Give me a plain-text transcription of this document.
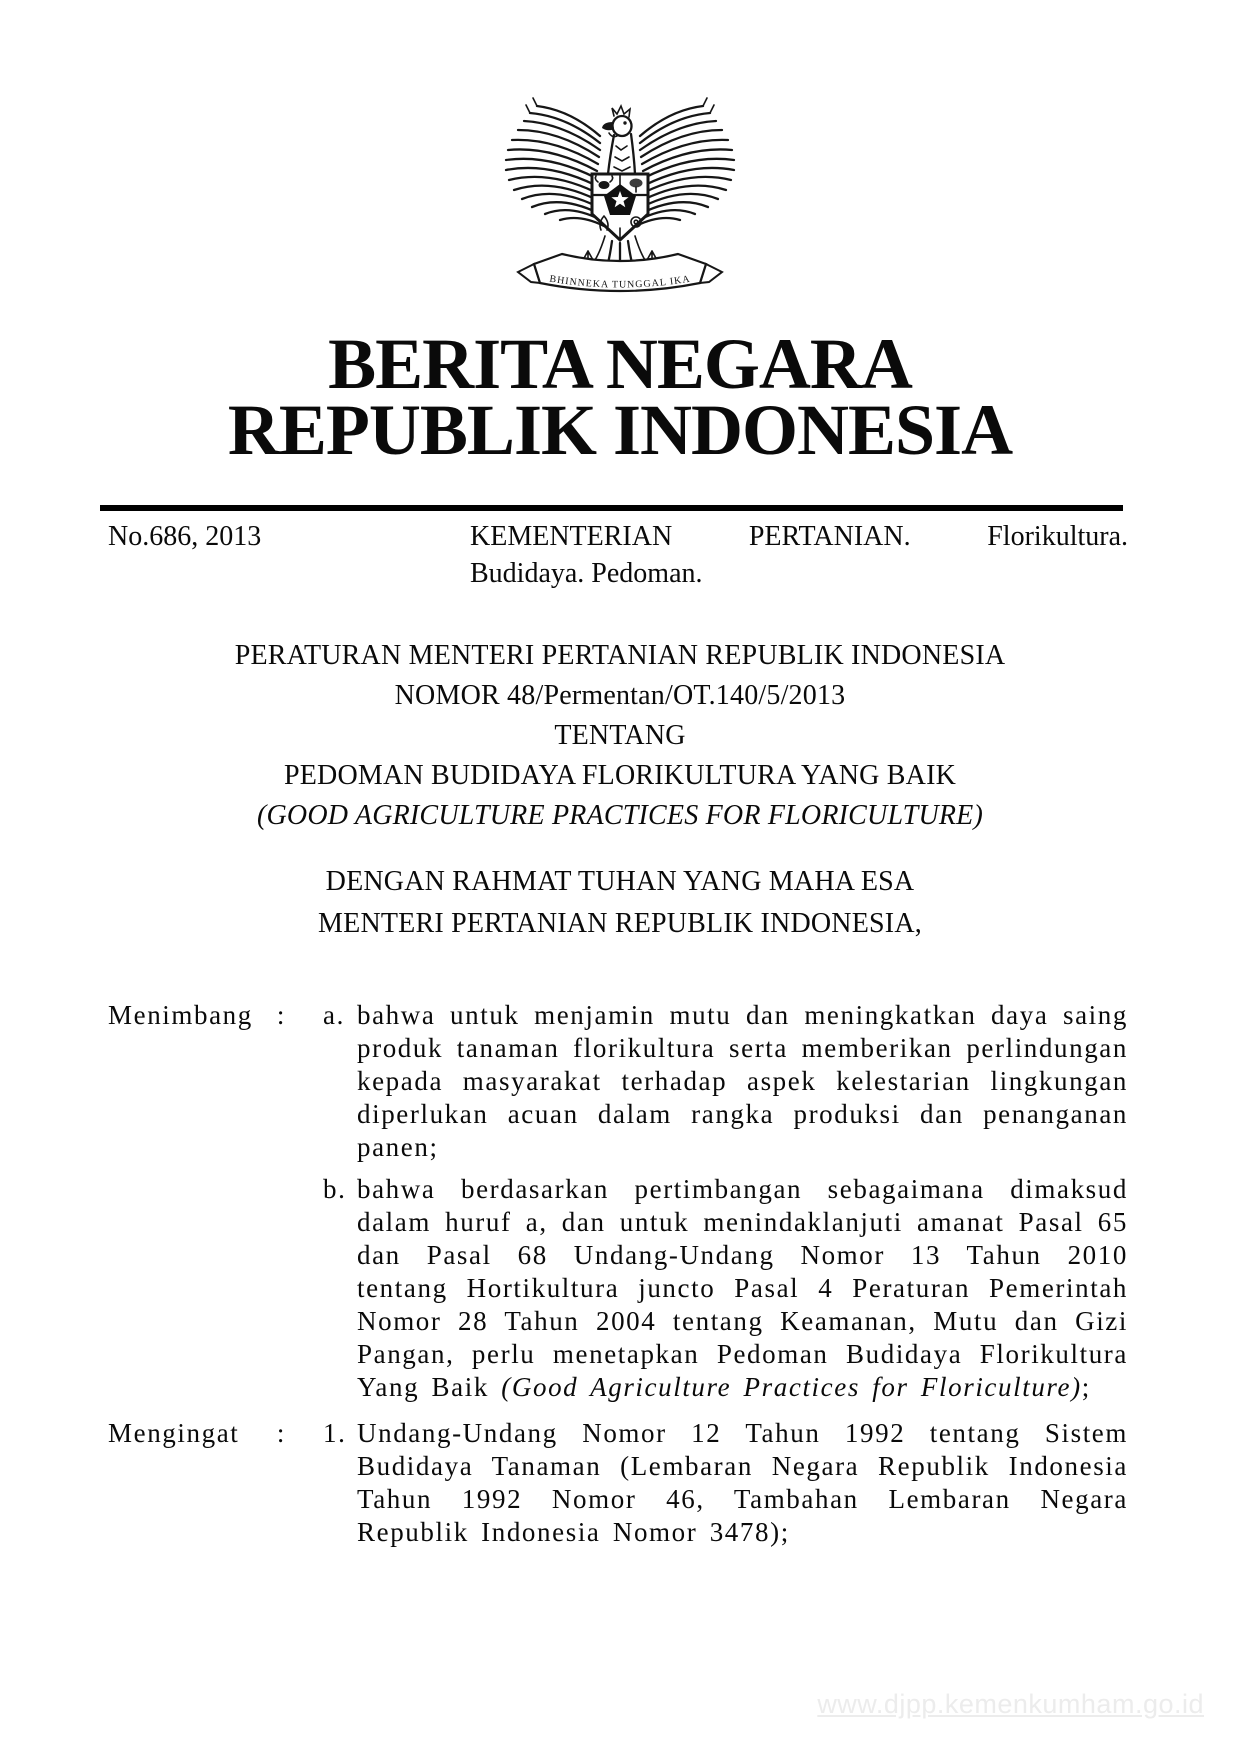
BHINNEKA TUNGGAL IKA
BERITA NEGARA
REPUBLIK INDONESIA
No.686, 2013	KEMENTERIAN	PERTANIAN.	Florikultura.
Budidaya. Pedoman.
PERATURAN MENTERI PERTANIAN REPUBLIK INDONESIA
NOMOR 48/Permentan/OT.140/5/2013
TENTANG
PEDOMAN BUDIDAYA FLORIKULTURA YANG BAIK
(GOOD AGRICULTURE PRACTICES FOR FLORICULTURE)
DENGAN RAHMAT TUHAN YANG MAHA ESA
MENTERI PERTANIAN REPUBLIK INDONESIA,
Menimbang : a. bahwa untuk menjamin mutu dan meningkatkan daya saing produk tanaman florikultura serta memberikan perlindungan kepada masyarakat terhadap aspek kelestarian lingkungan diperlukan acuan dalam rangka produksi dan penanganan panen;
b. bahwa berdasarkan pertimbangan sebagaimana dimaksud dalam huruf a, dan untuk menindaklanjuti amanat Pasal 65 dan Pasal 68 Undang-Undang Nomor 13 Tahun 2010 tentang Hortikultura juncto Pasal 4 Peraturan Pemerintah Nomor 28 Tahun 2004 tentang Keamanan, Mutu dan Gizi Pangan, perlu menetapkan Pedoman Budidaya Florikultura Yang Baik (Good Agriculture Practices for Floriculture);
Mengingat : 1. Undang-Undang Nomor 12 Tahun 1992 tentang Sistem Budidaya Tanaman (Lembaran Negara Republik Indonesia Tahun 1992 Nomor 46, Tambahan Lembaran Negara Republik Indonesia Nomor 3478);
www.djpp.kemenkumham.go.id
